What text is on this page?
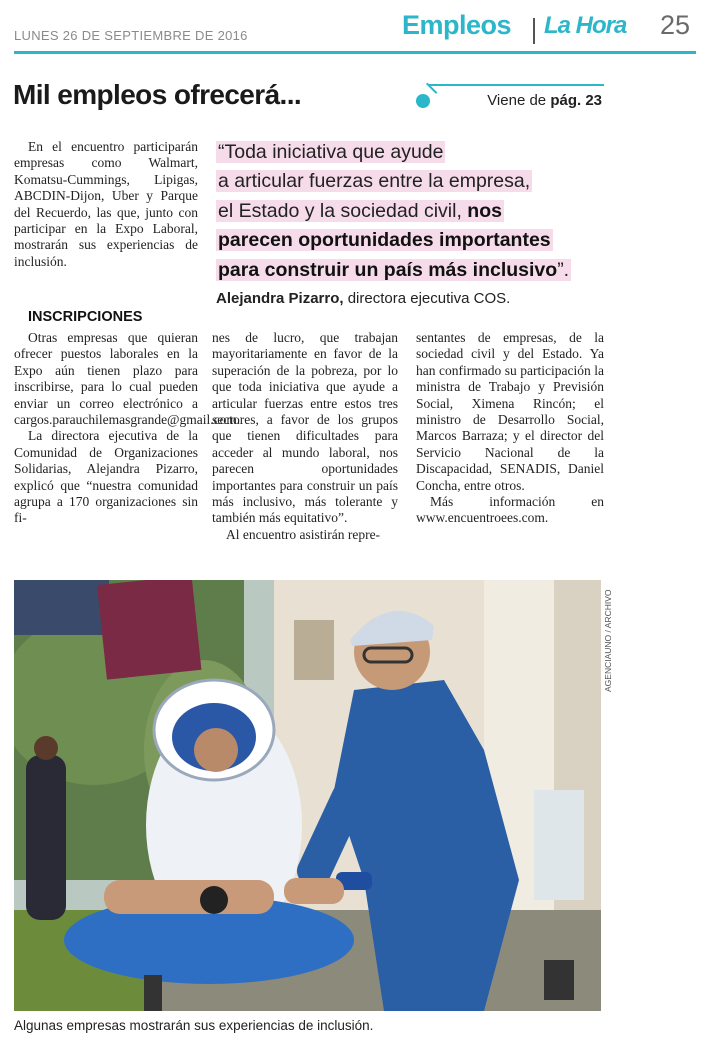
LUNES 26 DE SEPTIEMBRE DE 2016	Empleos La Hora 25
Mil empleos ofrecerá...	Viene de pág. 23

En el encuentro participarán empresas como Walmart, Komatsu-Cummings, Lipigas, ABCDIN-Dijon, Uber y Parque del Recuerdo, las que, junto con participar en la Expo Laboral, mostrarán sus experiencias de inclusión.

INSCRIPCIONES

Otras empresas que quieran ofrecer puestos laborales en la Expo aún tienen plazo para inscribirse, para lo cual pueden enviar un correo electrónico a cargos.parauchilemasgrande@gmail.com.

La directora ejecutiva de la Comunidad de Organizaciones Solidarias, Alejandra Pizarro, explicó que “nuestra comunidad agrupa a 170 organizaciones sin fi-

“Toda iniciativa que ayude
a articular fuerzas entre la empresa,
el Estado y la sociedad civil, nos
parecen oportunidades importantes
para construir un país más inclusivo”.
Alejandra Pizarro, directora ejecutiva COS.

nes de lucro, que trabajan mayoritariamente en favor de la superación de la pobreza, por lo que toda iniciativa que ayude a articular fuerzas entre estos tres sectores, a favor de los grupos que tienen dificultades para acceder al mundo laboral, nos parecen oportunidades importantes para construir un país más inclusivo, más tolerante y también más equitativo”.

Al encuentro asistirán repre-

sentantes de empresas, de la sociedad civil y del Estado. Ya han confirmado su participación la ministra de Trabajo y Previsión Social, Ximena Rincón; el ministro de Desarrollo Social, Marcos Barraza; y el director del Servicio Nacional de la Discapacidad, SENADIS, Daniel Concha, entre otros.

Más información en www.encuentroees.com.

AGENCIAUNO / ARCHIVO
Algunas empresas mostrarán sus experiencias de inclusión.
